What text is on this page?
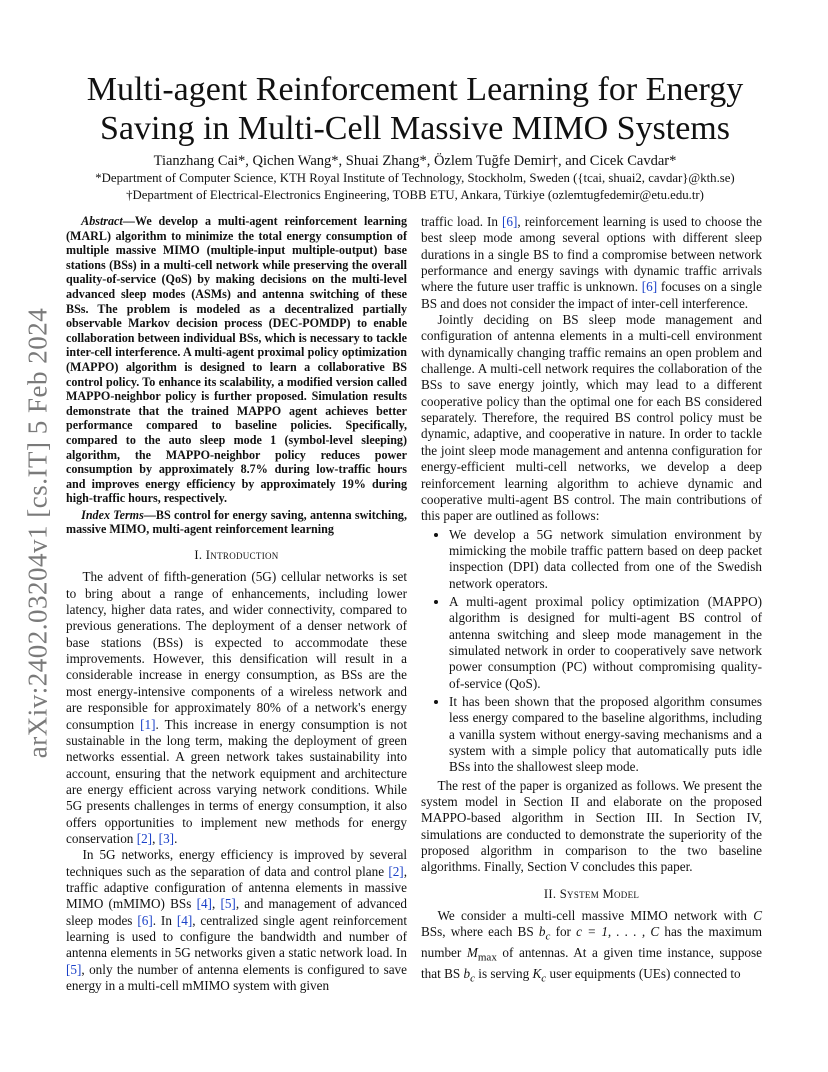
arXiv:2402.03204v1 [cs.IT] 5 Feb 2024
Multi-agent Reinforcement Learning for Energy
Saving in Multi-Cell Massive MIMO Systems
Tianzhang Cai*, Qichen Wang*, Shuai Zhang*, Özlem Tuğfe Demir†, and Cicek Cavdar*
*Department of Computer Science, KTH Royal Institute of Technology, Stockholm, Sweden ({tcai, shuai2, cavdar}@kth.se)
†Department of Electrical-Electronics Engineering, TOBB ETU, Ankara, Türkiye (ozlemtugfedemir@etu.edu.tr)

Abstract—We develop a multi-agent reinforcement learning (MARL) algorithm to minimize the total energy consumption of multiple massive MIMO (multiple-input multiple-output) base stations (BSs) in a multi-cell network while preserving the overall quality-of-service (QoS) by making decisions on the multi-level advanced sleep modes (ASMs) and antenna switching of these BSs. The problem is modeled as a decentralized partially observable Markov decision process (DEC-POMDP) to enable collaboration between individual BSs, which is necessary to tackle inter-cell interference. A multi-agent proximal policy optimization (MAPPO) algorithm is designed to learn a collaborative BS control policy. To enhance its scalability, a modified version called MAPPO-neighbor policy is further proposed. Simulation results demonstrate that the trained MAPPO agent achieves better performance compared to baseline policies. Specifically, compared to the auto sleep mode 1 (symbol-level sleeping) algorithm, the MAPPO-neighbor policy reduces power consumption by approximately 8.7% during low-traffic hours and improves energy efficiency by approximately 19% during high-traffic hours, respectively.

Index Terms—BS control for energy saving, antenna switching, massive MIMO, multi-agent reinforcement learning

I. Introduction

The advent of fifth-generation (5G) cellular networks is set to bring about a range of enhancements, including lower latency, higher data rates, and wider connectivity, compared to previous generations. The deployment of a denser network of base stations (BSs) is expected to accommodate these improvements. However, this densification will result in a considerable increase in energy consumption, as BSs are the most energy-intensive components of a wireless network and are responsible for approximately 80% of a network's energy consumption [1]. This increase in energy consumption is not sustainable in the long term, making the deployment of green networks essential. A green network takes sustainability into account, ensuring that the network equipment and architecture are energy efficient across varying network conditions. While 5G presents challenges in terms of energy consumption, it also offers opportunities to implement new methods for energy conservation [2], [3].

In 5G networks, energy efficiency is improved by several techniques such as the separation of data and control plane [2], traffic adaptive configuration of antenna elements in massive MIMO (mMIMO) BSs [4], [5], and management of advanced sleep modes [6]. In [4], centralized single agent reinforcement learning is used to configure the bandwidth and number of antenna elements in 5G networks given a static network load. In [5], only the number of antenna elements is configured to save energy in a multi-cell mMIMO system with given

traffic load. In [6], reinforcement learning is used to choose the best sleep mode among several options with different sleep durations in a single BS to find a compromise between network performance and energy savings with dynamic traffic arrivals where the future user traffic is unknown. [6] focuses on a single BS and does not consider the impact of inter-cell interference.

Jointly deciding on BS sleep mode management and configuration of antenna elements in a multi-cell environment with dynamically changing traffic remains an open problem and challenge. A multi-cell network requires the collaboration of the BSs to save energy jointly, which may lead to a different cooperative policy than the optimal one for each BS considered separately. Therefore, the required BS control policy must be dynamic, adaptive, and cooperative in nature. In order to tackle the joint sleep mode management and antenna configuration for energy-efficient multi-cell networks, we develop a deep reinforcement learning algorithm to achieve dynamic and cooperative multi-agent BS control. The main contributions of this paper are outlined as follows:

• We develop a 5G network simulation environment by mimicking the mobile traffic pattern based on deep packet inspection (DPI) data collected from one of the Swedish network operators.
• A multi-agent proximal policy optimization (MAPPO) algorithm is designed for multi-agent BS control of antenna switching and sleep mode management in the simulated network in order to cooperatively save network power consumption (PC) without compromising quality-of-service (QoS).
• It has been shown that the proposed algorithm consumes less energy compared to the baseline algorithms, including a vanilla system without energy-saving mechanisms and a system with a simple policy that automatically puts idle BSs into the shallowest sleep mode.

The rest of the paper is organized as follows. We present the system model in Section II and elaborate on the proposed MAPPO-based algorithm in Section III. In Section IV, simulations are conducted to demonstrate the superiority of the proposed algorithm in comparison to the two baseline algorithms. Finally, Section V concludes this paper.

II. System Model

We consider a multi-cell massive MIMO network with C BSs, where each BS $b_c$ for c = 1, . . . , C has the maximum number $M_{max}$ of antennas. At a given time instance, suppose that BS $b_c$ is serving $K_c$ user equipments (UEs) connected to
